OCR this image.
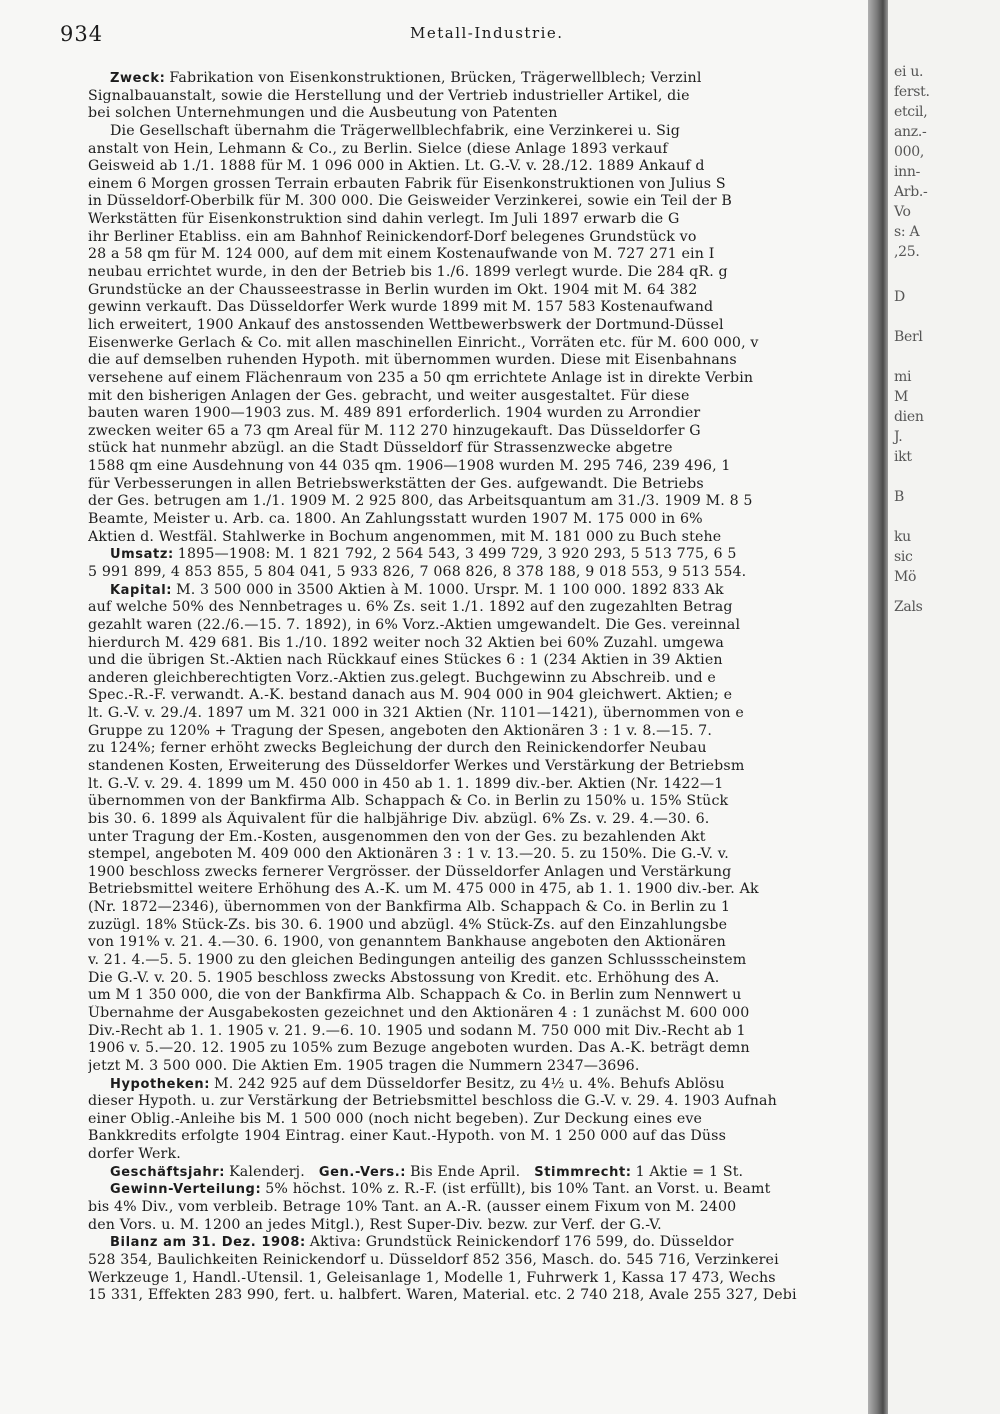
934	Metall-Industrie.
Zweck: Fabrikation von Eisenkonstruktionen, Brücken, Trägerwellblech; Verzinl
Signalbauanstalt, sowie die Herstellung und der Vertrieb industrieller Artikel, die
bei solchen Unternehmungen und die Ausbeutung von Patenten
Die Gesellschaft übernahm die Trägerwellblechfabrik, eine Verzinkerei u. Sig
anstalt von Hein, Lehmann & Co., zu Berlin. Sielce (diese Anlage 1893 verkauf
Geisweid ab 1./1. 1888 für M. 1 096 000 in Aktien. Lt. G.-V. v. 28./12. 1889 Ankauf d
einem 6 Morgen grossen Terrain erbauten Fabrik für Eisenkonstruktionen von Julius S
in Düsseldorf-Oberbilk für M. 300 000. Die Geisweider Verzinkerei, sowie ein Teil der B
Werkstätten für Eisenkonstruktion sind dahin verlegt. Im Juli 1897 erwarb die G
ihr Berliner Etabliss. ein am Bahnhof Reinickendorf-Dorf belegenes Grundstück vo
28 a 58 qm für M. 124 000, auf dem mit einem Kostenaufwande von M. 727 271 ein I
neubau errichtet wurde, in den der Betrieb bis 1./6. 1899 verlegt wurde. Die 284 qR. g
Grundstücke an der Chausseestrasse in Berlin wurden im Okt. 1904 mit M. 64 382
gewinn verkauft. Das Düsseldorfer Werk wurde 1899 mit M. 157 583 Kostenaufwand
lich erweitert, 1900 Ankauf des anstossenden Wettbewerbswerk der Dortmund-Düssel
Eisenwerke Gerlach & Co. mit allen maschinellen Einricht., Vorräten etc. für M. 600 000, v
die auf demselben ruhenden Hypoth. mit übernommen wurden. Diese mit Eisenbahnans
versehene auf einem Flächenraum von 235 a 50 qm errichtete Anlage ist in direkte Verbin
mit den bisherigen Anlagen der Ges. gebracht, und weiter ausgestaltet. Für diese
bauten waren 1900—1903 zus. M. 489 891 erforderlich. 1904 wurden zu Arrondier
zwecken weiter 65 a 73 qm Areal für M. 112 270 hinzugekauft. Das Düsseldorfer G
stück hat nunmehr abzügl. an die Stadt Düsseldorf für Strassenzwecke abgetre
1588 qm eine Ausdehnung von 44 035 qm. 1906—1908 wurden M. 295 746, 239 496, 1
für Verbesserungen in allen Betriebswerkstätten der Ges. aufgewandt. Die Betriebs
der Ges. betrugen am 1./1. 1909 M. 2 925 800, das Arbeitsquantum am 31./3. 1909 M. 8 5
Beamte, Meister u. Arb. ca. 1800. An Zahlungsstatt wurden 1907 M. 175 000 in 6%
Aktien d. Westfäl. Stahlwerke in Bochum angenommen, mit M. 181 000 zu Buch stehe
Umsatz: 1895—1908: M. 1 821 792, 2 564 543, 3 499 729, 3 920 293, 5 513 775, 6 5
5 991 899, 4 853 855, 5 804 041, 5 933 826, 7 068 826, 8 378 188, 9 018 553, 9 513 554.
Kapital: M. 3 500 000 in 3500 Aktien à M. 1000. Urspr. M. 1 100 000. 1892 833 Ak
auf welche 50% des Nennbetrages u. 6% Zs. seit 1./1. 1892 auf den zugezahlten Betrag
gezahlt waren (22./6.—15. 7. 1892), in 6% Vorz.-Aktien umgewandelt. Die Ges. vereinnal
hierdurch M. 429 681. Bis 1./10. 1892 weiter noch 32 Aktien bei 60% Zuzahl. umgewa
und die übrigen St.-Aktien nach Rückkauf eines Stückes 6 : 1 (234 Aktien in 39 Aktien
anderen gleichberechtigten Vorz.-Aktien zus.gelegt. Buchgewinn zu Abschreib. und e
Spec.-R.-F. verwandt. A.-K. bestand danach aus M. 904 000 in 904 gleichwert. Aktien; e
lt. G.-V. v. 29./4. 1897 um M. 321 000 in 321 Aktien (Nr. 1101—1421), übernommen von e
Gruppe zu 120% + Tragung der Spesen, angeboten den Aktionären 3 : 1 v. 8.—15. 7.
zu 124%; ferner erhöht zwecks Begleichung der durch den Reinickendorfer Neubau
standenen Kosten, Erweiterung des Düsseldorfer Werkes und Verstärkung der Betriebsm
lt. G.-V. v. 29. 4. 1899 um M. 450 000 in 450 ab 1. 1. 1899 div.-ber. Aktien (Nr. 1422—1
übernommen von der Bankfirma Alb. Schappach & Co. in Berlin zu 150% u. 15% Stück
bis 30. 6. 1899 als Äquivalent für die halbjährige Div. abzügl. 6% Zs. v. 29. 4.—30. 6.
unter Tragung der Em.-Kosten, ausgenommen den von der Ges. zu bezahlenden Akt
stempel, angeboten M. 409 000 den Aktionären 3 : 1 v. 13.—20. 5. zu 150%. Die G.-V. v.
1900 beschloss zwecks fernerer Vergrösser. der Düsseldorfer Anlagen und Verstärkung
Betriebsmittel weitere Erhöhung des A.-K. um M. 475 000 in 475, ab 1. 1. 1900 div.-ber. Ak
(Nr. 1872—2346), übernommen von der Bankfirma Alb. Schappach & Co. in Berlin zu 1
zuzügl. 18% Stück-Zs. bis 30. 6. 1900 und abzügl. 4% Stück-Zs. auf den Einzahlungsbe
von 191% v. 21. 4.—30. 6. 1900, von genanntem Bankhause angeboten den Aktionären
v. 21. 4.—5. 5. 1900 zu den gleichen Bedingungen anteilig des ganzen Schlussscheinstem
Die G.-V. v. 20. 5. 1905 beschloss zwecks Abstossung von Kredit. etc. Erhöhung des A.
um M 1 350 000, die von der Bankfirma Alb. Schappach & Co. in Berlin zum Nennwert u
Übernahme der Ausgabekosten gezeichnet und den Aktionären 4 : 1 zunächst M. 600 000
Div.-Recht ab 1. 1. 1905 v. 21. 9.—6. 10. 1905 und sodann M. 750 000 mit Div.-Recht ab 1
1906 v. 5.—20. 12. 1905 zu 105% zum Bezuge angeboten wurden. Das A.-K. beträgt demn
jetzt M. 3 500 000. Die Aktien Em. 1905 tragen die Nummern 2347—3696.
Hypotheken: M. 242 925 auf dem Düsseldorfer Besitz, zu 4½ u. 4%. Behufs Ablösu
dieser Hypoth. u. zur Verstärkung der Betriebsmittel beschloss die G.-V. v. 29. 4. 1903 Aufnah
einer Oblig.-Anleihe bis M. 1 500 000 (noch nicht begeben). Zur Deckung eines eve
Bankkredits erfolgte 1904 Eintrag. einer Kaut.-Hypoth. von M. 1 250 000 auf das Düss
dorfer Werk.
Geschäftsjahr: Kalenderj. Gen.-Vers.: Bis Ende April. Stimmrecht: 1 Aktie = 1 St.
Gewinn-Verteilung: 5% höchst. 10% z. R.-F. (ist erfüllt), bis 10% Tant. an Vorst. u. Beamt
bis 4% Div., vom verbleib. Betrage 10% Tant. an A.-R. (ausser einem Fixum von M. 2400
den Vors. u. M. 1200 an jedes Mitgl.), Rest Super-Div. bezw. zur Verf. der G.-V.
Bilanz am 31. Dez. 1908: Aktiva: Grundstück Reinickendorf 176 599, do. Düsseldor
528 354, Baulichkeiten Reinickendorf u. Düsseldorf 852 356, Masch. do. 545 716, Verzinkerei
Werkzeuge 1, Handl.-Utensil. 1, Geleisanlage 1, Modelle 1, Fuhrwerk 1, Kassa 17 473, Wechs
15 331, Effekten 283 990, fert. u. halbfert. Waren, Material. etc. 2 740 218, Avale 255 327, Debi
ei u.
ferst.
etcil,
anz.-
000,
inn-
Arb.-
Vo
s: A
,25.
D
Berl
mi
M
dien
J.
ikt
B
ku
sic
Mö
Zals
